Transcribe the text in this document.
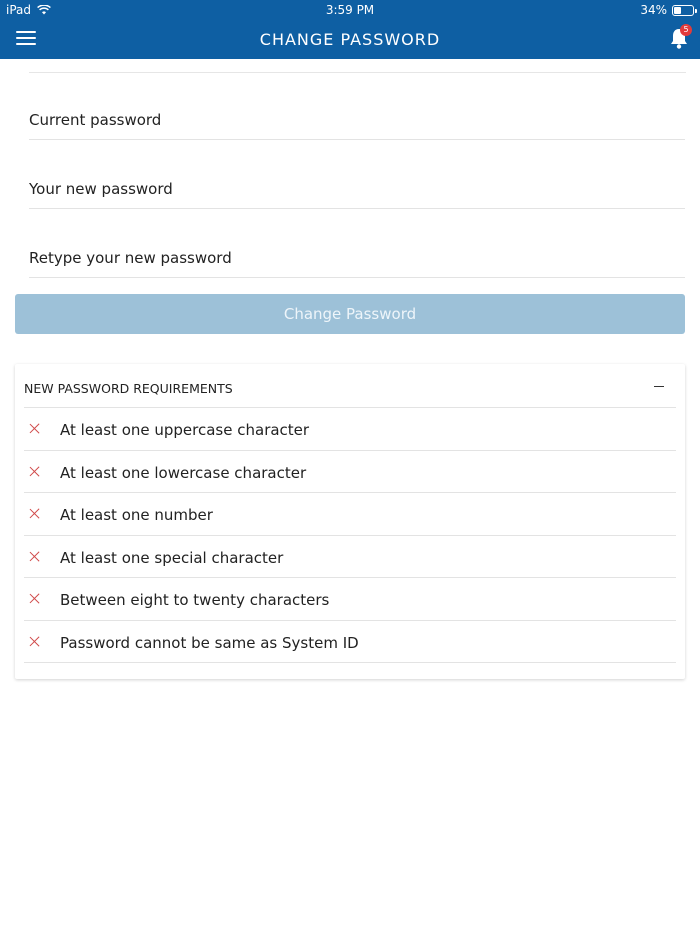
iPad	3:59 PM	34%
CHANGE PASSWORD
5
Change Password
NEW PASSWORD REQUIREMENTS
At least one uppercase character
At least one lowercase character
At least one number
At least one special character
Between eight to twenty characters
Password cannot be same as System ID
